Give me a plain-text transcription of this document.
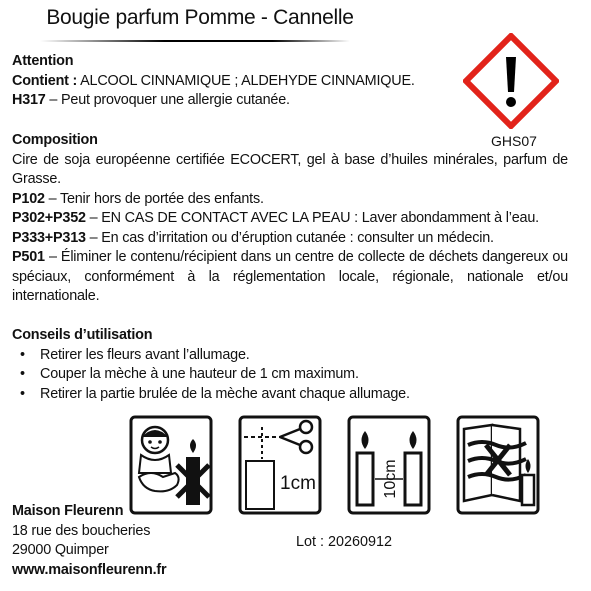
Bougie parfum Pomme - Cannelle
Attention
Contient : ALCOOL CINNAMIQUE ; ALDEHYDE CINNAMIQUE.
H317 – Peut provoquer une allergie cutanée.
GHS07
Composition
Cire de soja européenne certifiée ECOCERT, gel à base d’huiles minérales, parfum de Grasse.
P102 – Tenir hors de portée des enfants.
P302+P352 – EN CAS DE CONTACT AVEC LA PEAU : Laver abondamment à l’eau.
P333+P313 – En cas d’irritation ou d’éruption cutanée : consulter un médecin.
P501 – Éliminer le contenu/récipient dans un centre de collecte de déchets dangereux ou spéciaux, conformément à la réglementation locale, régionale, nationale et/ou internationale.
Conseils d’utilisation
• Retirer les fleurs avant l’allumage.
• Couper la mèche à une hauteur de 1 cm maximum.
• Retirer la partie brulée de la mèche avant chaque allumage.
1cm	10cm
Maison Fleurenn
18 rue des boucheries
29000 Quimper
www.maisonfleurenn.fr
Lot : 20260912
